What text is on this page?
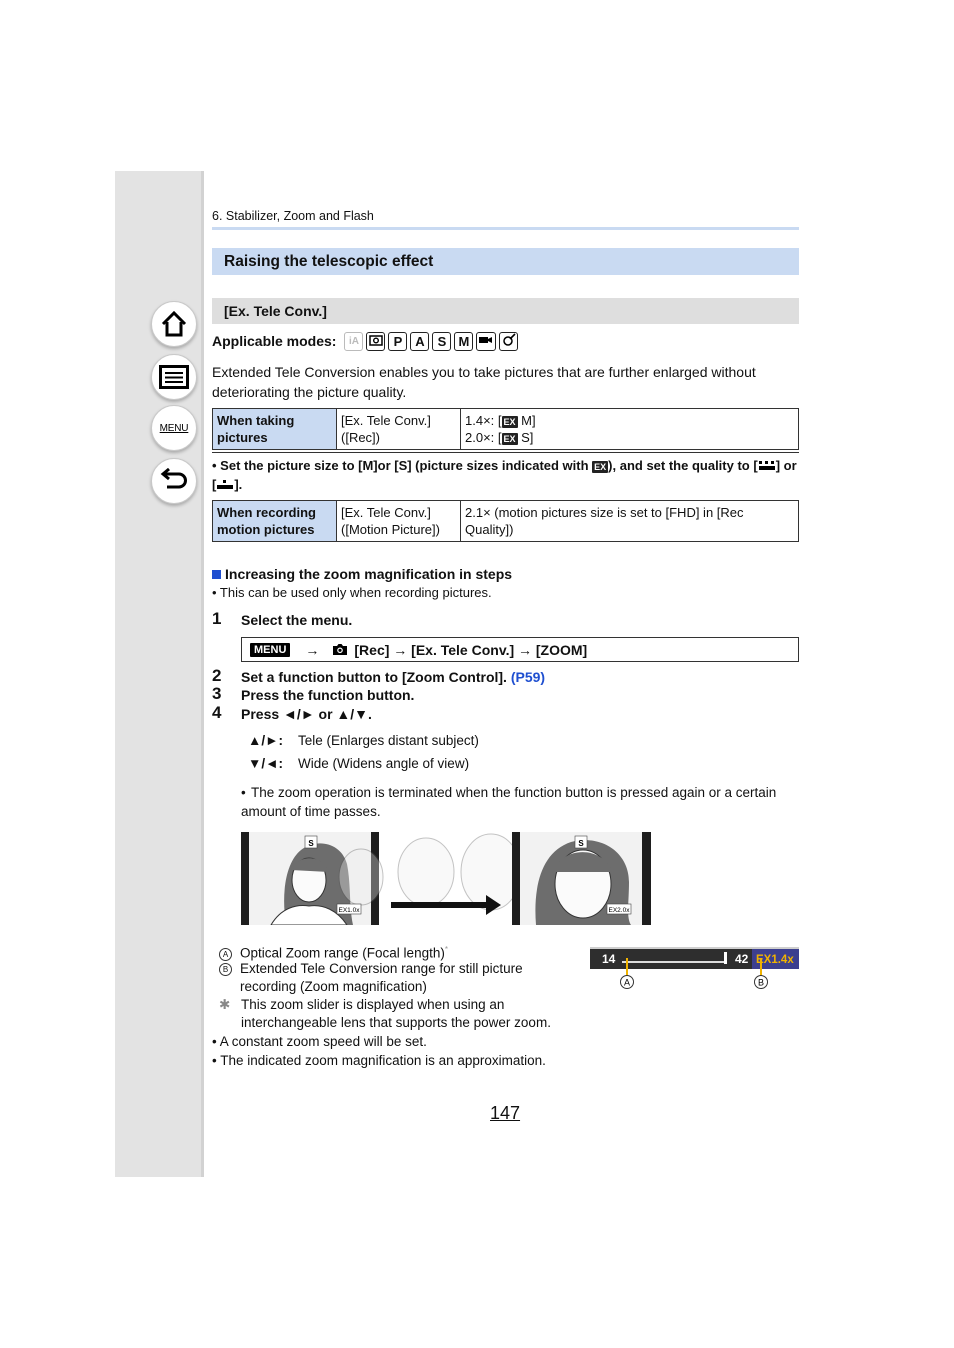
MENU
6. Stabilizer, Zoom and Flash
Raising the telescopic effect
[Ex. Tele Conv.]
Applicable modes:	iA	P A S M
Extended Tele Conversion enables you to take pictures that are further enlarged without deteriorating the picture quality.
When taking pictures	[Ex. Tele Conv.] ([Rec])	1.4×: [ EX M]
2.0×: [ EX S]
• Set the picture size to [M]or [S] (picture sizes indicated with EX ), and set the quality to [ ] or [ ].
When recording motion pictures	[Ex. Tele Conv.] ([Motion Picture])	2.1× (motion pictures size is set to [FHD] in [Rec Quality])
Increasing the zoom magnification in steps
• This can be used only when recording pictures.
1 Select the menu.
MENU →	[Rec] → [Ex. Tele Conv.] → [ZOOM]
2 Set a function button to [Zoom Control]. (P59)
3 Press the function button.
4 Press ◄/► or ▲/▼.
▲/►: Tele (Enlarges distant subject)
▼/◄: Wide (Widens angle of view)
• The zoom operation is terminated when the function button is pressed again or a certain amount of time passes.
EX1.0x	EX2.0x
S	S
14	42 EX1.4x
A	B
A Optical Zoom range (Focal length)*
B Extended Tele Conversion range for still picture recording (Zoom magnification)
✱ This zoom slider is displayed when using an interchangeable lens that supports the power zoom.
• A constant zoom speed will be set.
• The indicated zoom magnification is an approximation.
147
